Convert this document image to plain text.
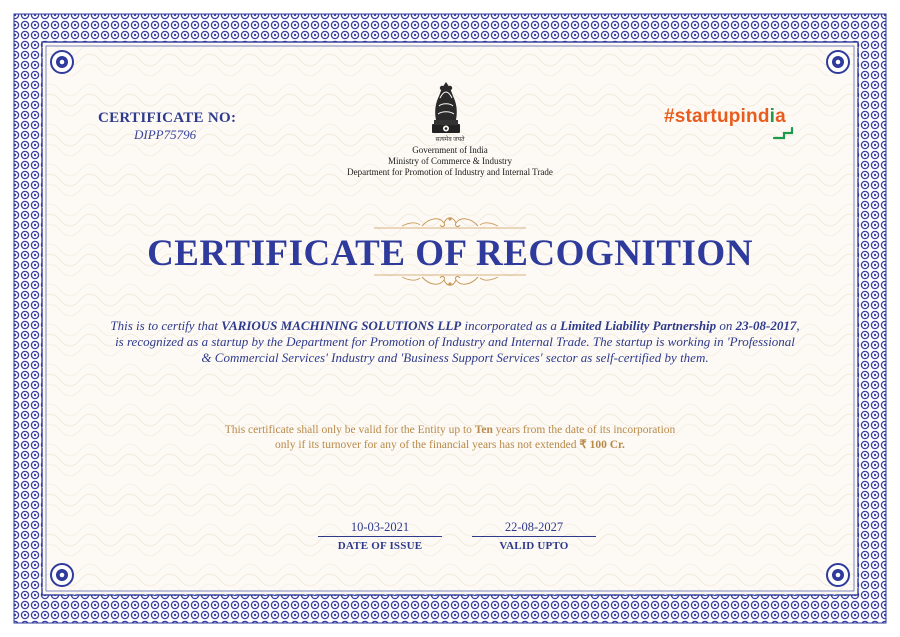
CERTIFICATE NO:
DIPP75796	सत्यमेव जयते
Government of India
Ministry of Commerce & Industry
Department for Promotion of Industry and Internal Trade
#startupindia
CERTIFICATE OF RECOGNITION
This is to certify that VARIOUS MACHINING SOLUTIONS LLP incorporated as a Limited Liability Partnership on 23-08-2017, is recognized as a startup by the Department for Promotion of Industry and Internal Trade. The startup is working in 'Professional & Commercial Services' Industry and 'Business Support Services' sector as self-certified by them.
This certificate shall only be valid for the Entity up to Ten years from the date of its incorporation
only if its turnover for any of the financial years has not extended ₹ 100 Cr.
10-03-2021
DATE OF ISSUE
22-08-2027
VALID UPTO
